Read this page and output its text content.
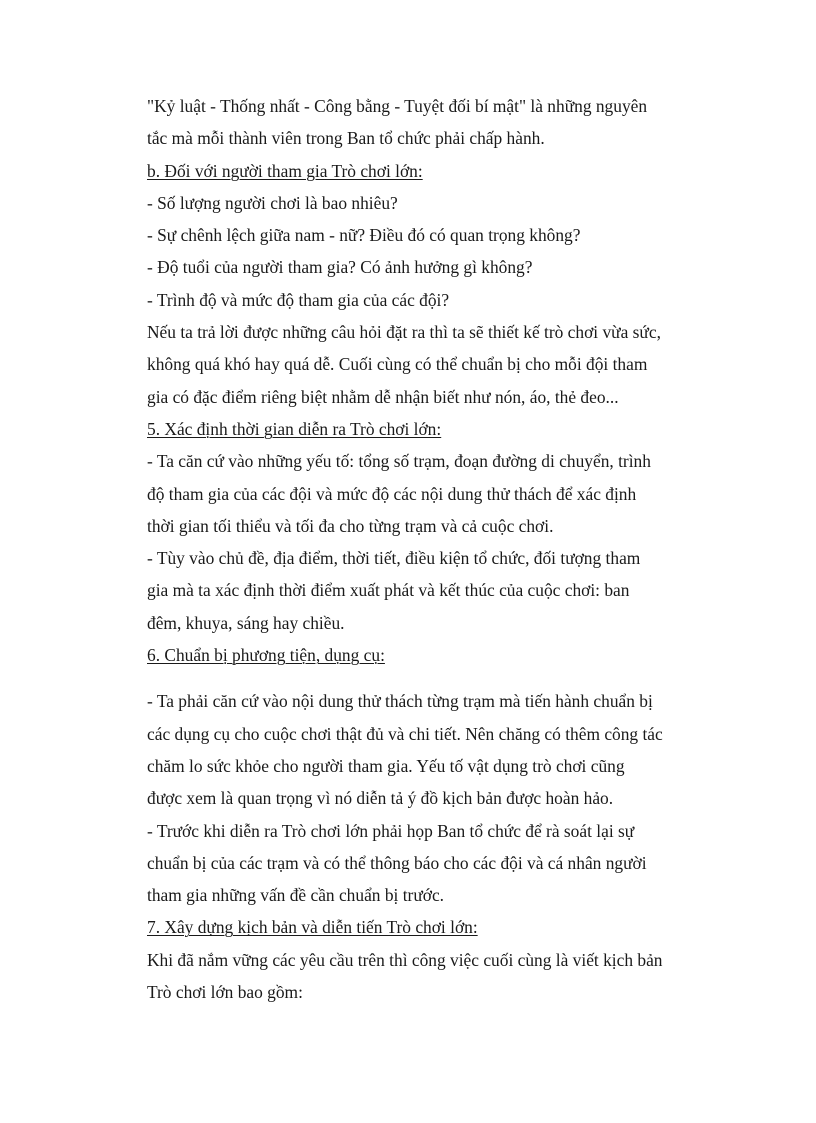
"Kỷ luật - Thống nhất - Công bằng - Tuyệt đối bí mật" là những nguyên
tắc mà mỗi thành viên trong Ban tổ chức phải chấp hành.
b. Đối với người tham gia Trò chơi lớn:
- Số lượng người chơi là bao nhiêu?
- Sự chênh lệch giữa nam - nữ? Điều đó có quan trọng không?
- Độ tuổi của người tham gia? Có ảnh hưởng gì không?
- Trình độ và mức độ tham gia của các đội?
Nếu ta trả lời được những câu hỏi đặt ra thì ta sẽ thiết kế trò chơi vừa sức,
không quá khó hay quá dễ. Cuối cùng có thể chuẩn bị cho mỗi đội tham
gia có đặc điểm riêng biệt nhằm dễ nhận biết như nón, áo, thẻ đeo...
5. Xác định thời gian diễn ra Trò chơi lớn:
- Ta căn cứ vào những yếu tố: tổng số trạm, đoạn đường di chuyển, trình
độ tham gia của các đội và mức độ các nội dung thử thách để xác định
thời gian tối thiểu và tối đa cho từng trạm và cả cuộc chơi.
- Tùy vào chủ đề, địa điểm, thời tiết, điều kiện tổ chức, đối tượng tham
gia mà ta xác định thời điểm xuất phát và kết thúc của cuộc chơi: ban
đêm, khuya, sáng hay chiều.
6. Chuẩn bị phương tiện, dụng cụ:
- Ta phải căn cứ vào nội dung thử thách từng trạm mà tiến hành chuẩn bị
các dụng cụ cho cuộc chơi thật đủ và chi tiết. Nên chăng có thêm công tác
chăm lo sức khỏe cho người tham gia. Yếu tố vật dụng trò chơi cũng
được xem là quan trọng vì nó diễn tả ý đồ kịch bản được hoàn hảo.
- Trước khi diễn ra Trò chơi lớn phải họp Ban tổ chức để rà soát lại sự
chuẩn bị của các trạm và có thể thông báo cho các đội và cá nhân người
tham gia những vấn đề cần chuẩn bị trước.
7. Xây dựng kịch bản và diễn tiến Trò chơi lớn:
Khi đã nắm vững các yêu cầu trên thì công việc cuối cùng là viết kịch bản
Trò chơi lớn bao gồm:
